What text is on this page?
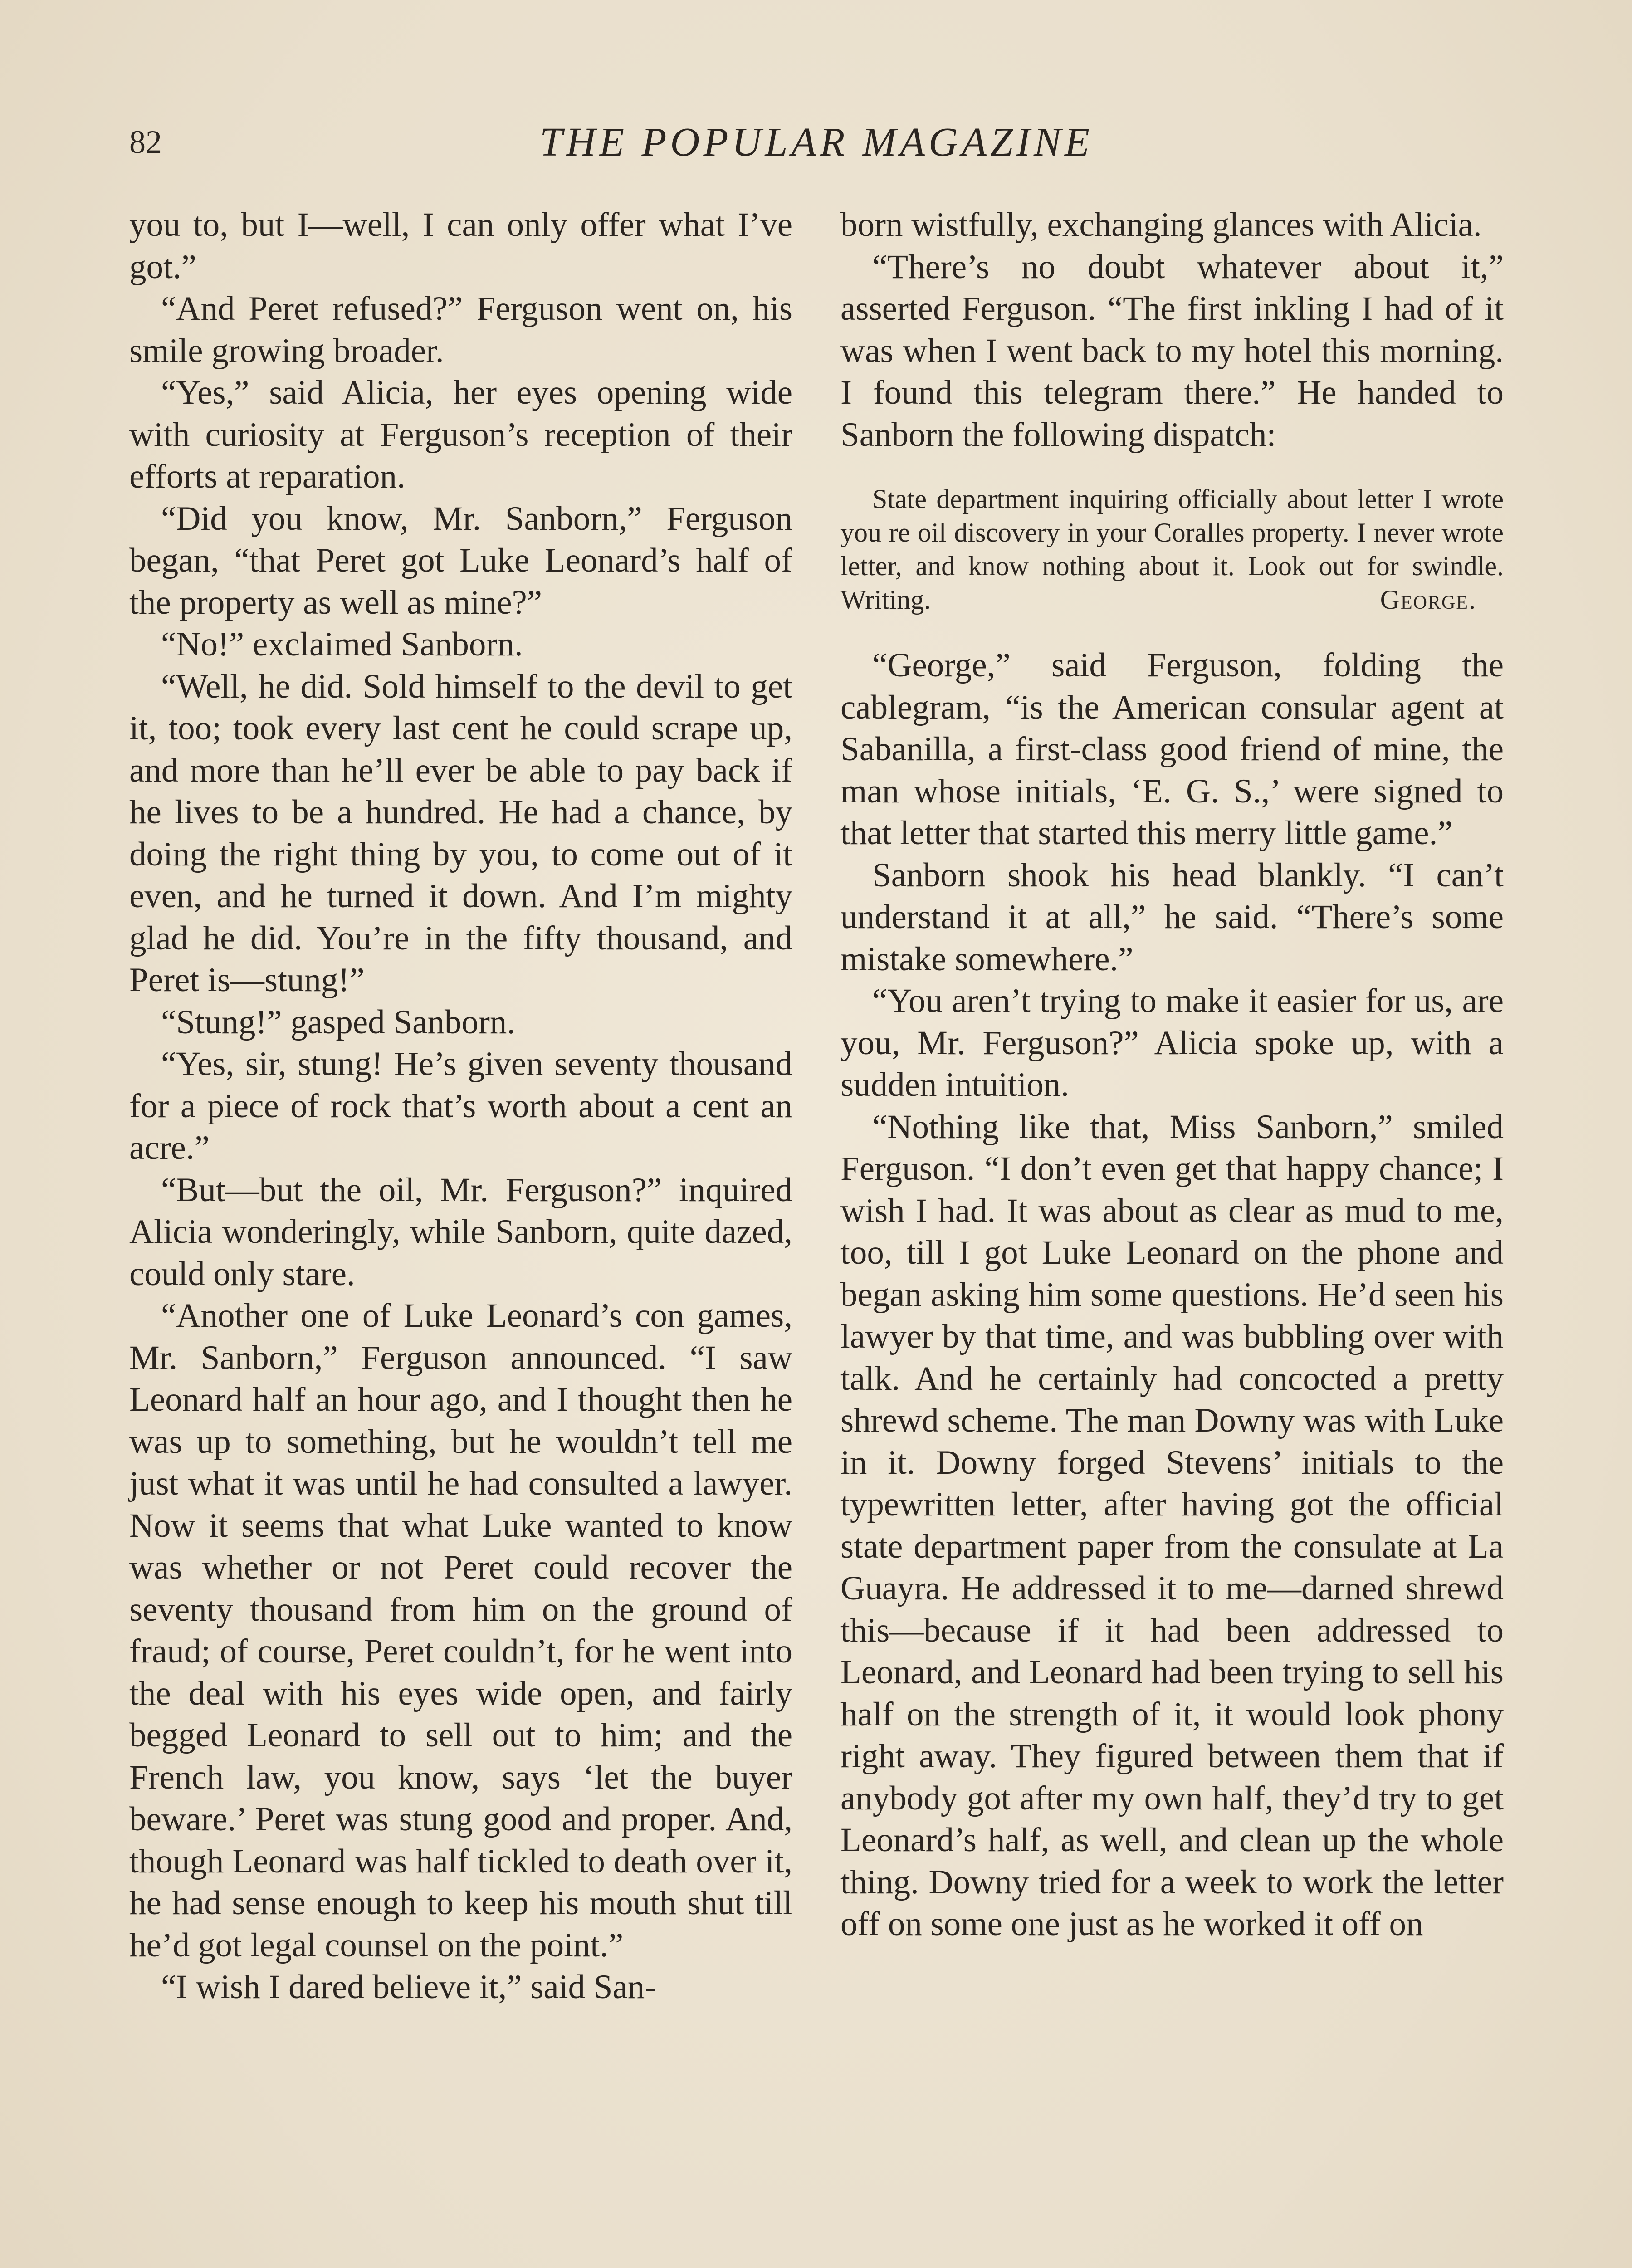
82	THE POPULAR MAGAZINE

you to, but I—well, I can only offer what I’ve got.”

“And Peret refused?” Ferguson went on, his smile growing broader.

“Yes,” said Alicia, her eyes opening wide with curiosity at Ferguson’s reception of their efforts at reparation.

“Did you know, Mr. Sanborn,” Ferguson began, “that Peret got Luke Leonard’s half of the property as well as mine?”

“No!” exclaimed Sanborn.

“Well, he did. Sold himself to the devil to get it, too; took every last cent he could scrape up, and more than he’ll ever be able to pay back if he lives to be a hundred. He had a chance, by doing the right thing by you, to come out of it even, and he turned it down. And I’m mighty glad he did. You’re in the fifty thousand, and Peret is—stung!”

“Stung!” gasped Sanborn.

“Yes, sir, stung! He’s given seventy thousand for a piece of rock that’s worth about a cent an acre.”

“But—but the oil, Mr. Ferguson?” inquired Alicia wonderingly, while Sanborn, quite dazed, could only stare.

“Another one of Luke Leonard’s con games, Mr. Sanborn,” Ferguson announced. “I saw Leonard half an hour ago, and I thought then he was up to something, but he wouldn’t tell me just what it was until he had consulted a lawyer. Now it seems that what Luke wanted to know was whether or not Peret could recover the seventy thousand from him on the ground of fraud; of course, Peret couldn’t, for he went into the deal with his eyes wide open, and fairly begged Leonard to sell out to him; and the French law, you know, says ‘let the buyer beware.’ Peret was stung good and proper. And, though Leonard was half tickled to death over it, he had sense enough to keep his mouth shut till he’d got legal counsel on the point.”

“I wish I dared believe it,” said San-

born wistfully, exchanging glances with Alicia.

“There’s no doubt whatever about it,” asserted Ferguson. “The first inkling I had of it was when I went back to my hotel this morning. I found this telegram there.” He handed to Sanborn the following dispatch:

State department inquiring officially about letter I wrote you re oil discovery in your Coralles property. I never wrote letter, and know nothing about it. Look out for swindle. Writing.	George.

“George,” said Ferguson, folding the cablegram, “is the American consular agent at Sabanilla, a first-class good friend of mine, the man whose initials, ‘E. G. S.,’ were signed to that letter that started this merry little game.”

Sanborn shook his head blankly. “I can’t understand it at all,” he said. “There’s some mistake somewhere.”

“You aren’t trying to make it easier for us, are you, Mr. Ferguson?” Alicia spoke up, with a sudden intuition.

“Nothing like that, Miss Sanborn,” smiled Ferguson. “I don’t even get that happy chance; I wish I had. It was about as clear as mud to me, too, till I got Luke Leonard on the phone and began asking him some questions. He’d seen his lawyer by that time, and was bubbling over with talk. And he certainly had concocted a pretty shrewd scheme. The man Downy was with Luke in it. Downy forged Stevens’ initials to the typewritten letter, after having got the official state department paper from the consulate at La Guayra. He addressed it to me—darned shrewd this—because if it had been addressed to Leonard, and Leonard had been trying to sell his half on the strength of it, it would look phony right away. They figured between them that if anybody got after my own half, they’d try to get Leonard’s half, as well, and clean up the whole thing. Downy tried for a week to work the letter off on some one just as he worked it off on
